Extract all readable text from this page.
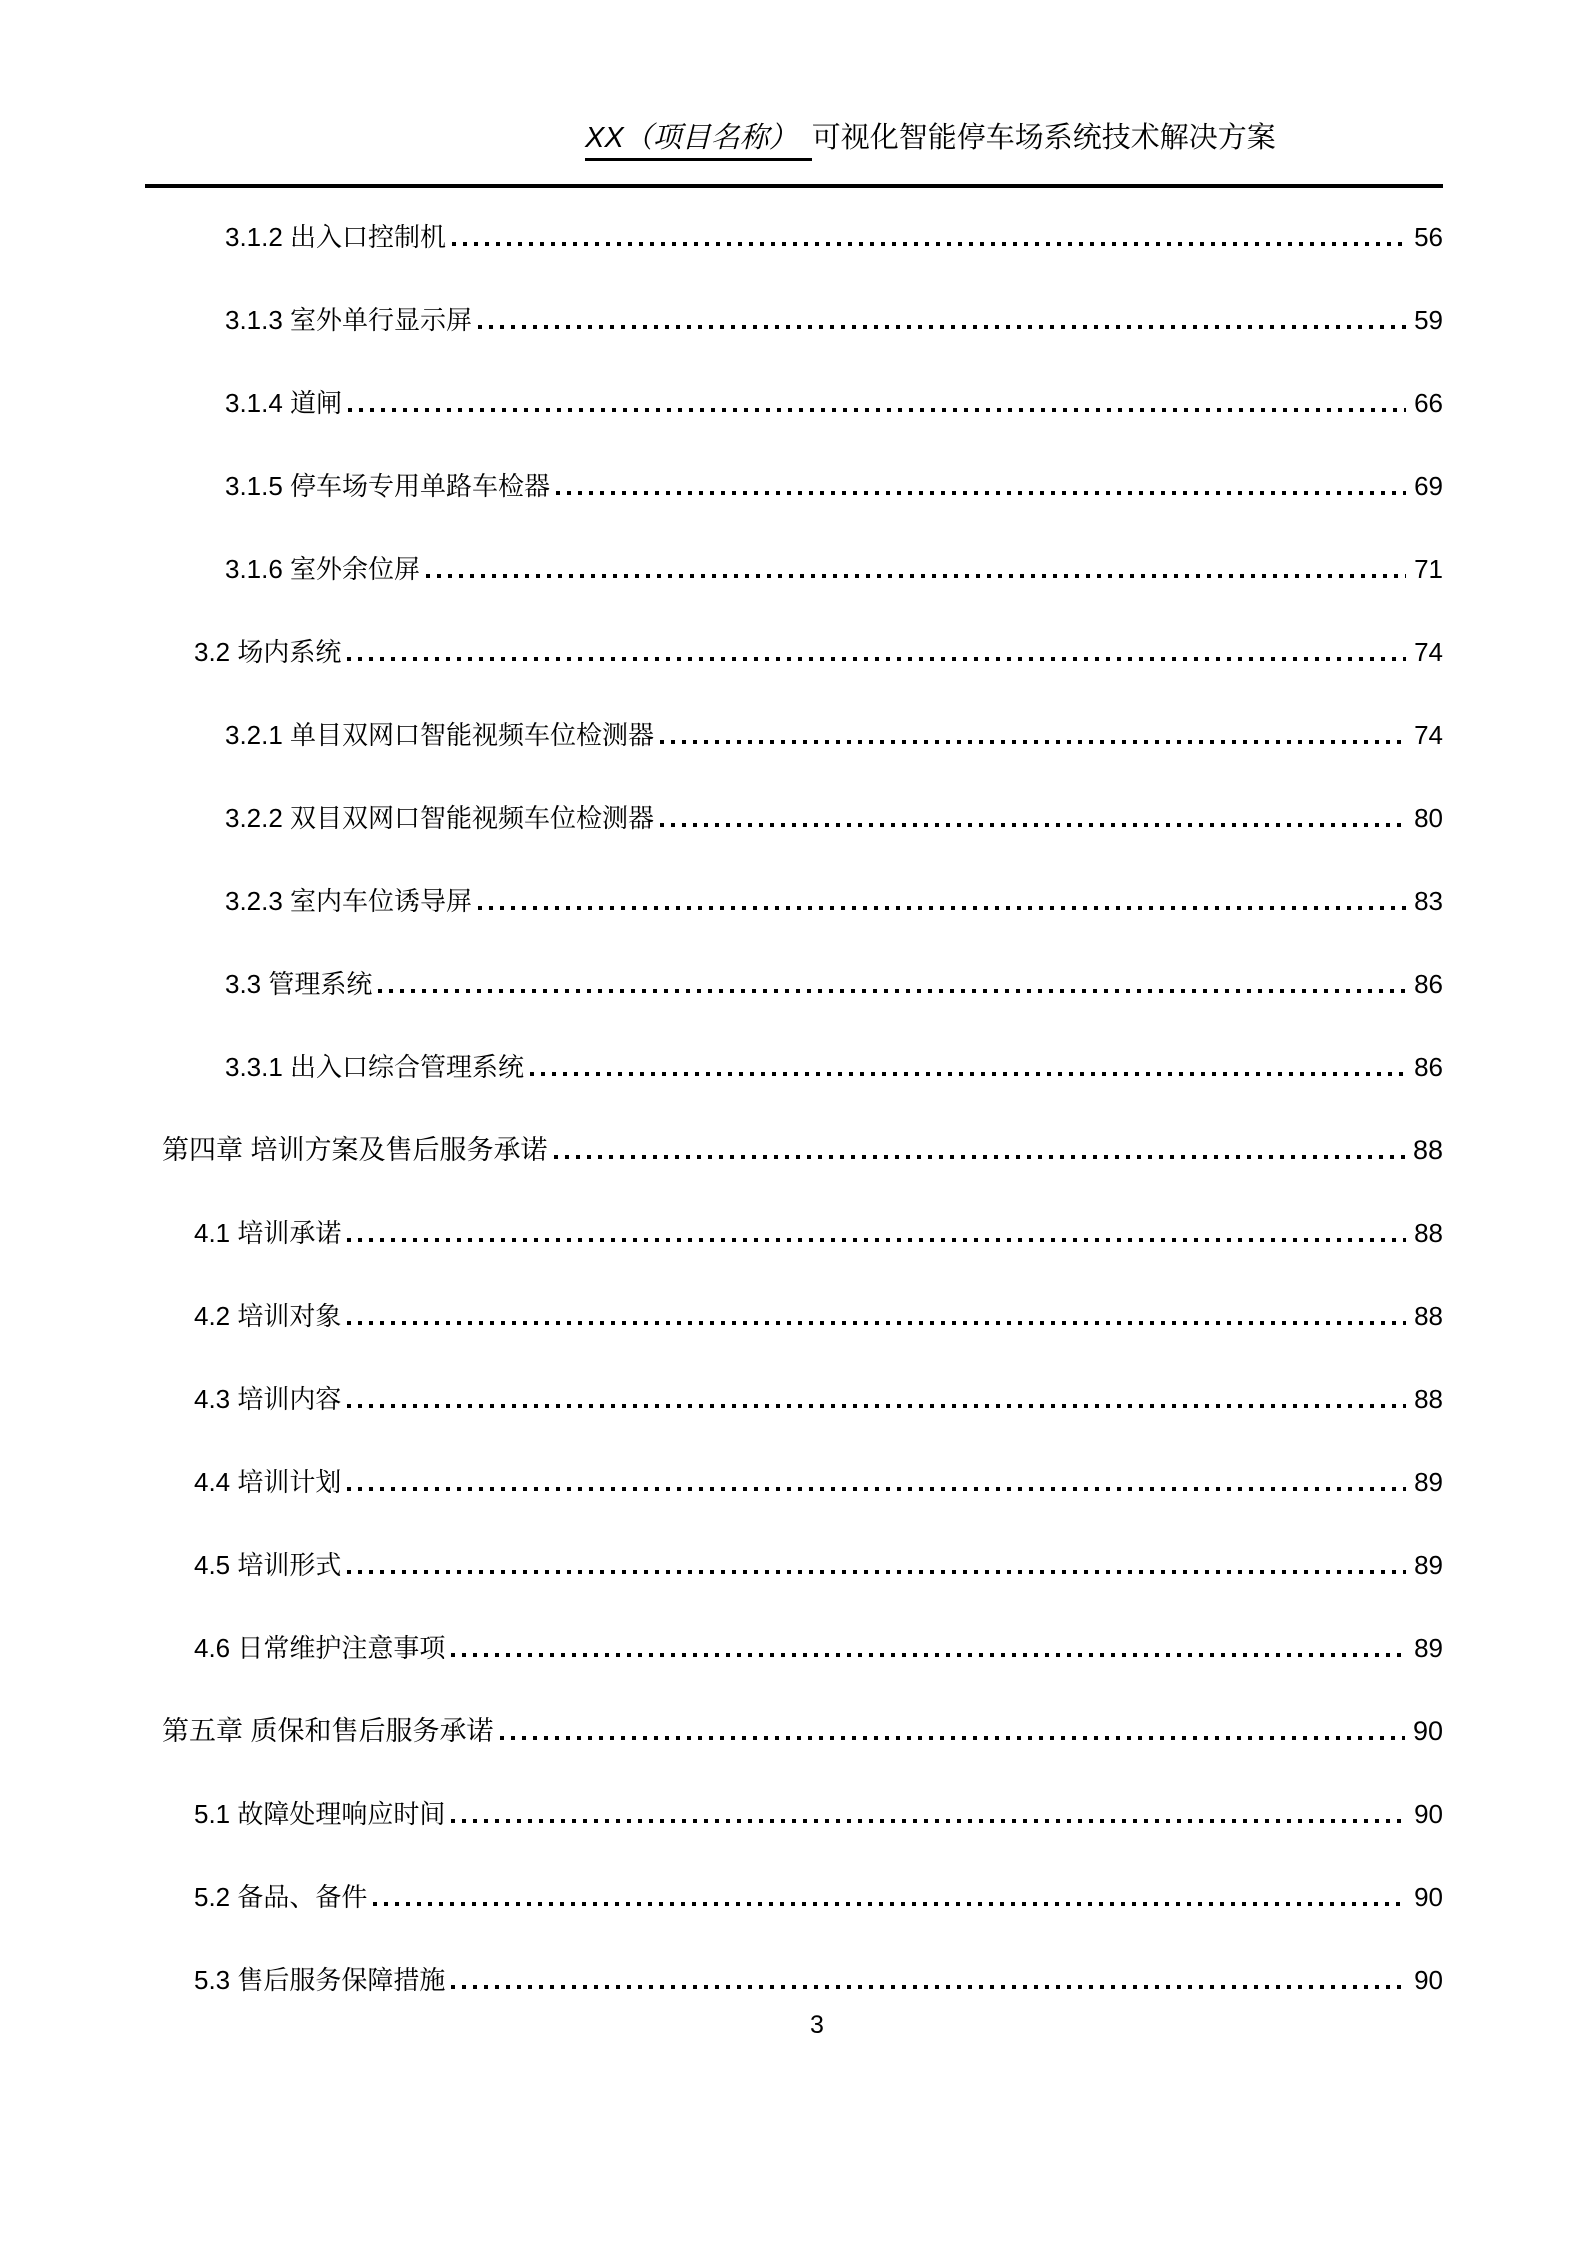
XX（项目名称） 可视化智能停车场系统技术解决方案
3.1.2 出入口控制机	56
3.1.3 室外单行显示屏	59
3.1.4 道闸	66
3.1.5 停车场专用单路车检器	69
3.1.6 室外余位屏	71
3.2 场内系统	74
3.2.1 单目双网口智能视频车位检测器	74
3.2.2 双目双网口智能视频车位检测器	80
3.2.3 室内车位诱导屏	83
3.3 管理系统	86
3.3.1 出入口综合管理系统	86
第四章 培训方案及售后服务承诺	88
4.1 培训承诺	88
4.2 培训对象	88
4.3 培训内容	88
4.4 培训计划	89
4.5 培训形式	89
4.6 日常维护注意事项	89
第五章 质保和售后服务承诺	90
5.1 故障处理响应时间	90
5.2 备品、备件	90
5.3 售后服务保障措施	90
3
